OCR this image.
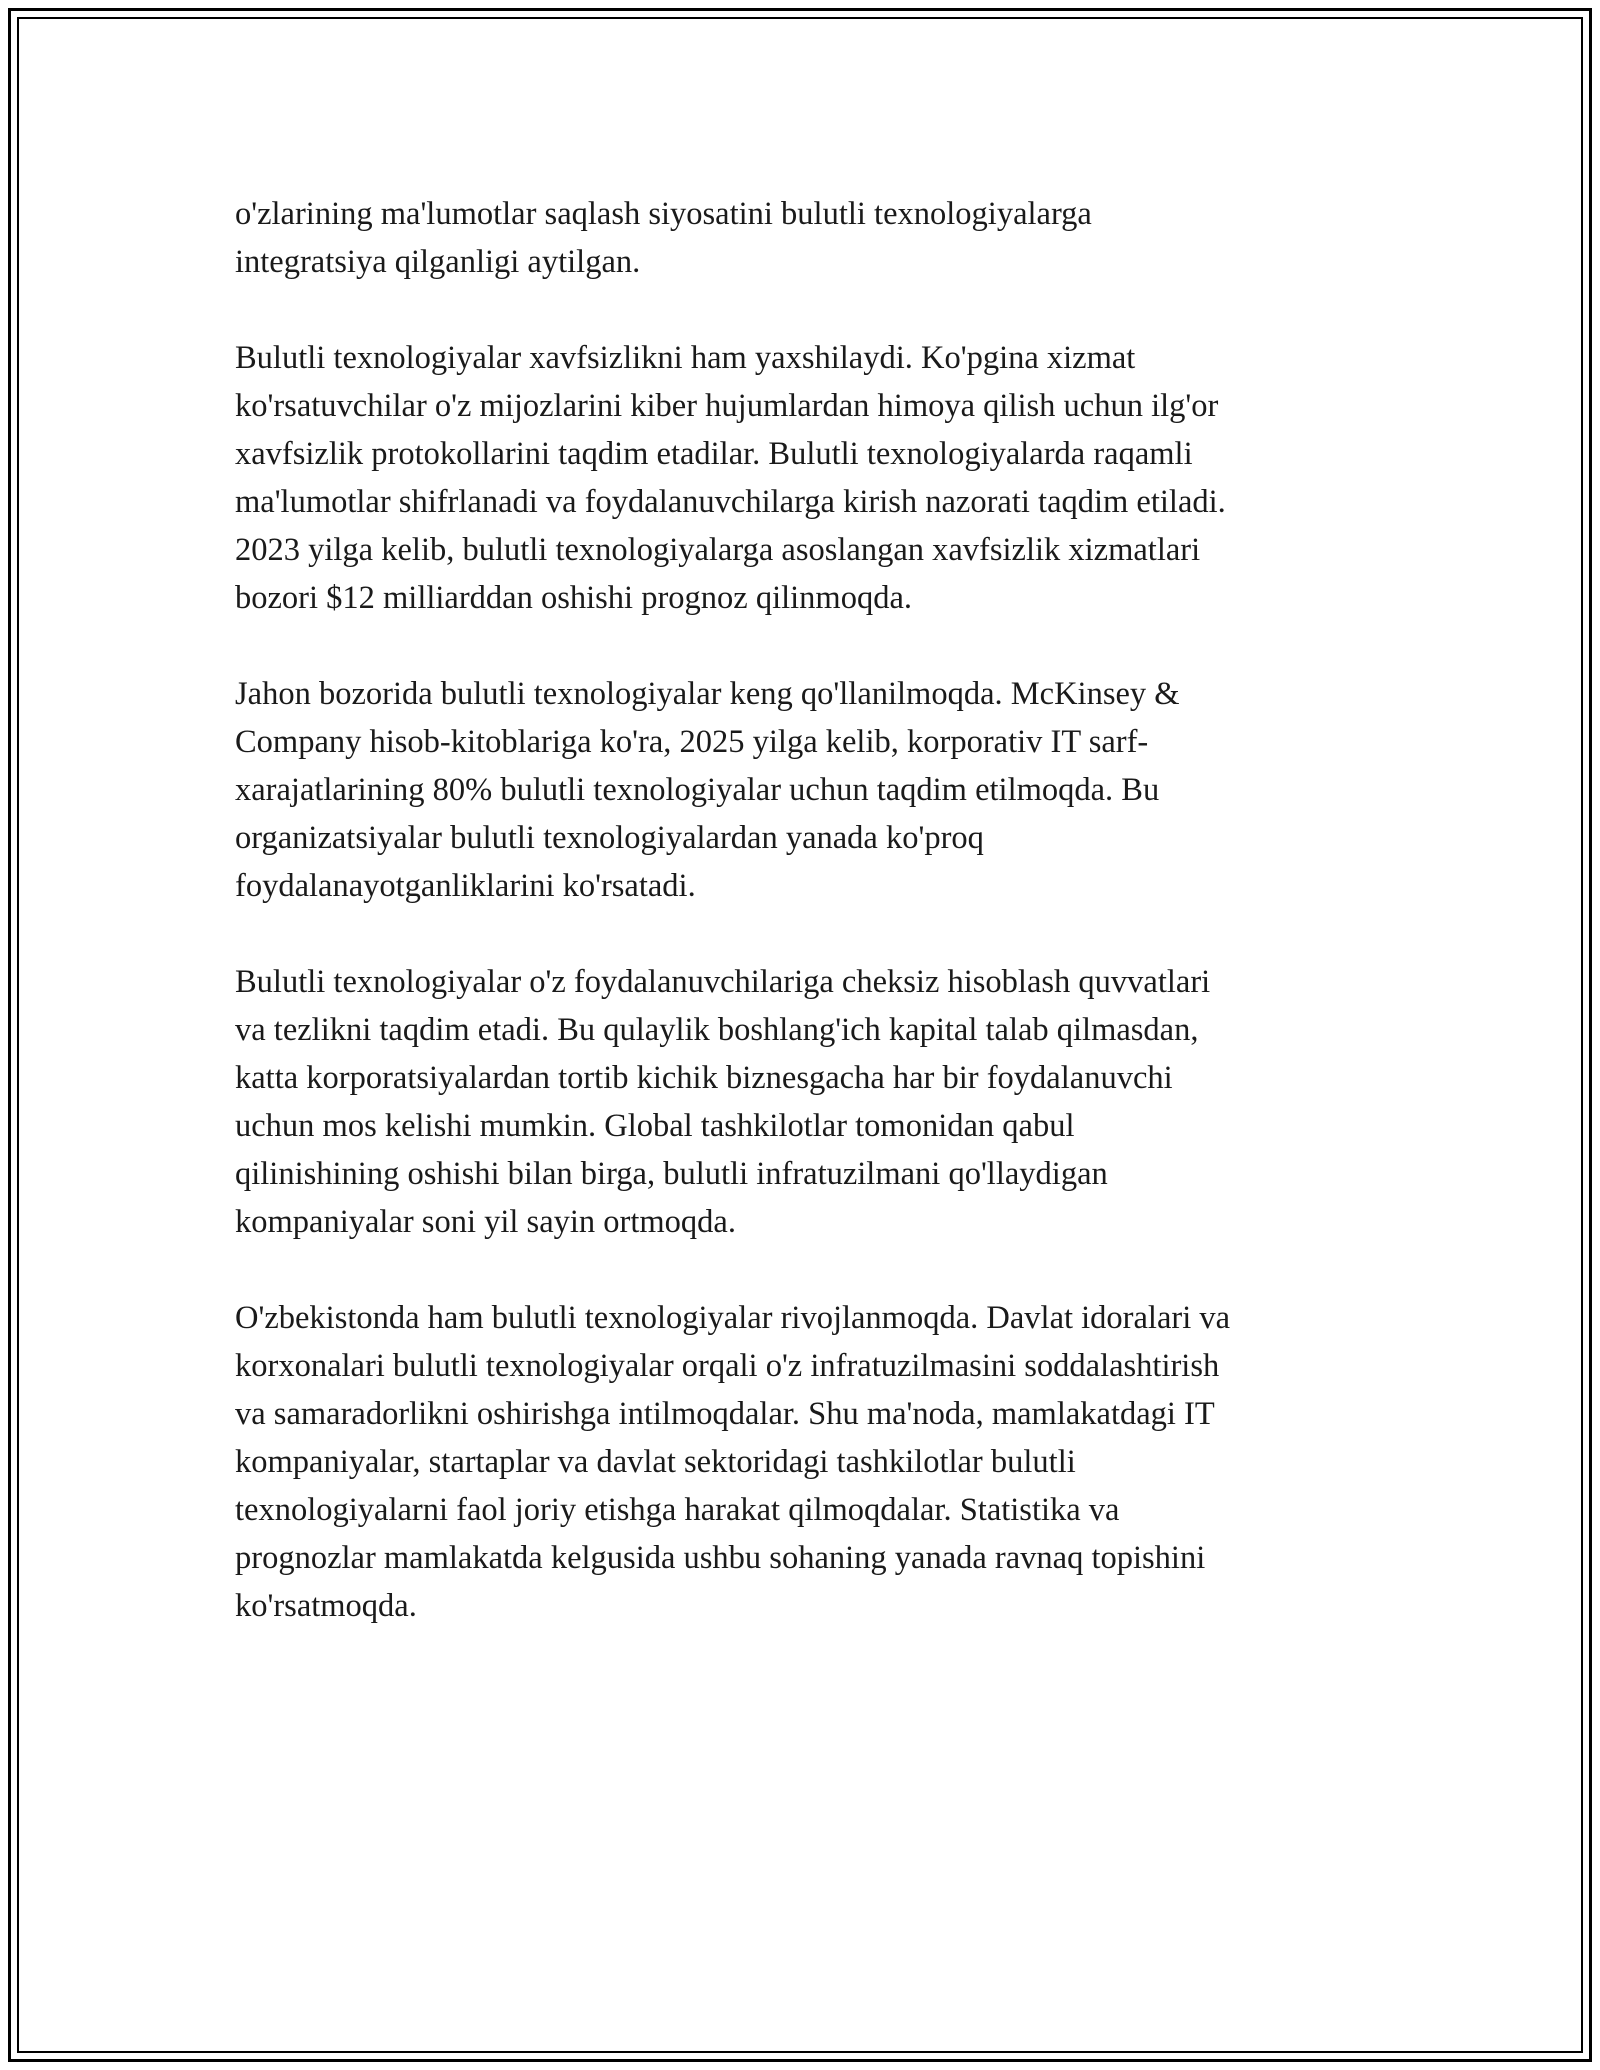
o'zlarining ma'lumotlar saqlash siyosatini bulutli texnologiyalarga
integratsiya qilganligi aytilgan.

Bulutli texnologiyalar xavfsizlikni ham yaxshilaydi. Ko'pgina xizmat
ko'rsatuvchilar o'z mijozlarini kiber hujumlardan himoya qilish uchun ilg'or
xavfsizlik protokollarini taqdim etadilar. Bulutli texnologiyalarda raqamli
ma'lumotlar shifrlanadi va foydalanuvchilarga kirish nazorati taqdim etiladi.
2023 yilga kelib, bulutli texnologiyalarga asoslangan xavfsizlik xizmatlari
bozori $12 milliarddan oshishi prognoz qilinmoqda.

Jahon bozorida bulutli texnologiyalar keng qo'llanilmoqda. McKinsey &
Company hisob-kitoblariga ko'ra, 2025 yilga kelib, korporativ IT sarf-
xarajatlarining 80% bulutli texnologiyalar uchun taqdim etilmoqda. Bu
organizatsiyalar bulutli texnologiyalardan yanada ko'proq
foydalanayotganliklarini ko'rsatadi.

Bulutli texnologiyalar o'z foydalanuvchilariga cheksiz hisoblash quvvatlari
va tezlikni taqdim etadi. Bu qulaylik boshlang'ich kapital talab qilmasdan,
katta korporatsiyalardan tortib kichik biznesgacha har bir foydalanuvchi
uchun mos kelishi mumkin. Global tashkilotlar tomonidan qabul
qilinishining oshishi bilan birga, bulutli infratuzilmani qo'llaydigan
kompaniyalar soni yil sayin ortmoqda.

O'zbekistonda ham bulutli texnologiyalar rivojlanmoqda. Davlat idoralari va
korxonalari bulutli texnologiyalar orqali o'z infratuzilmasini soddalashtirish
va samaradorlikni oshirishga intilmoqdalar. Shu ma'noda, mamlakatdagi IT
kompaniyalar, startaplar va davlat sektoridagi tashkilotlar bulutli
texnologiyalarni faol joriy etishga harakat qilmoqdalar. Statistika va
prognozlar mamlakatda kelgusida ushbu sohaning yanada ravnaq topishini
ko'rsatmoqda.
